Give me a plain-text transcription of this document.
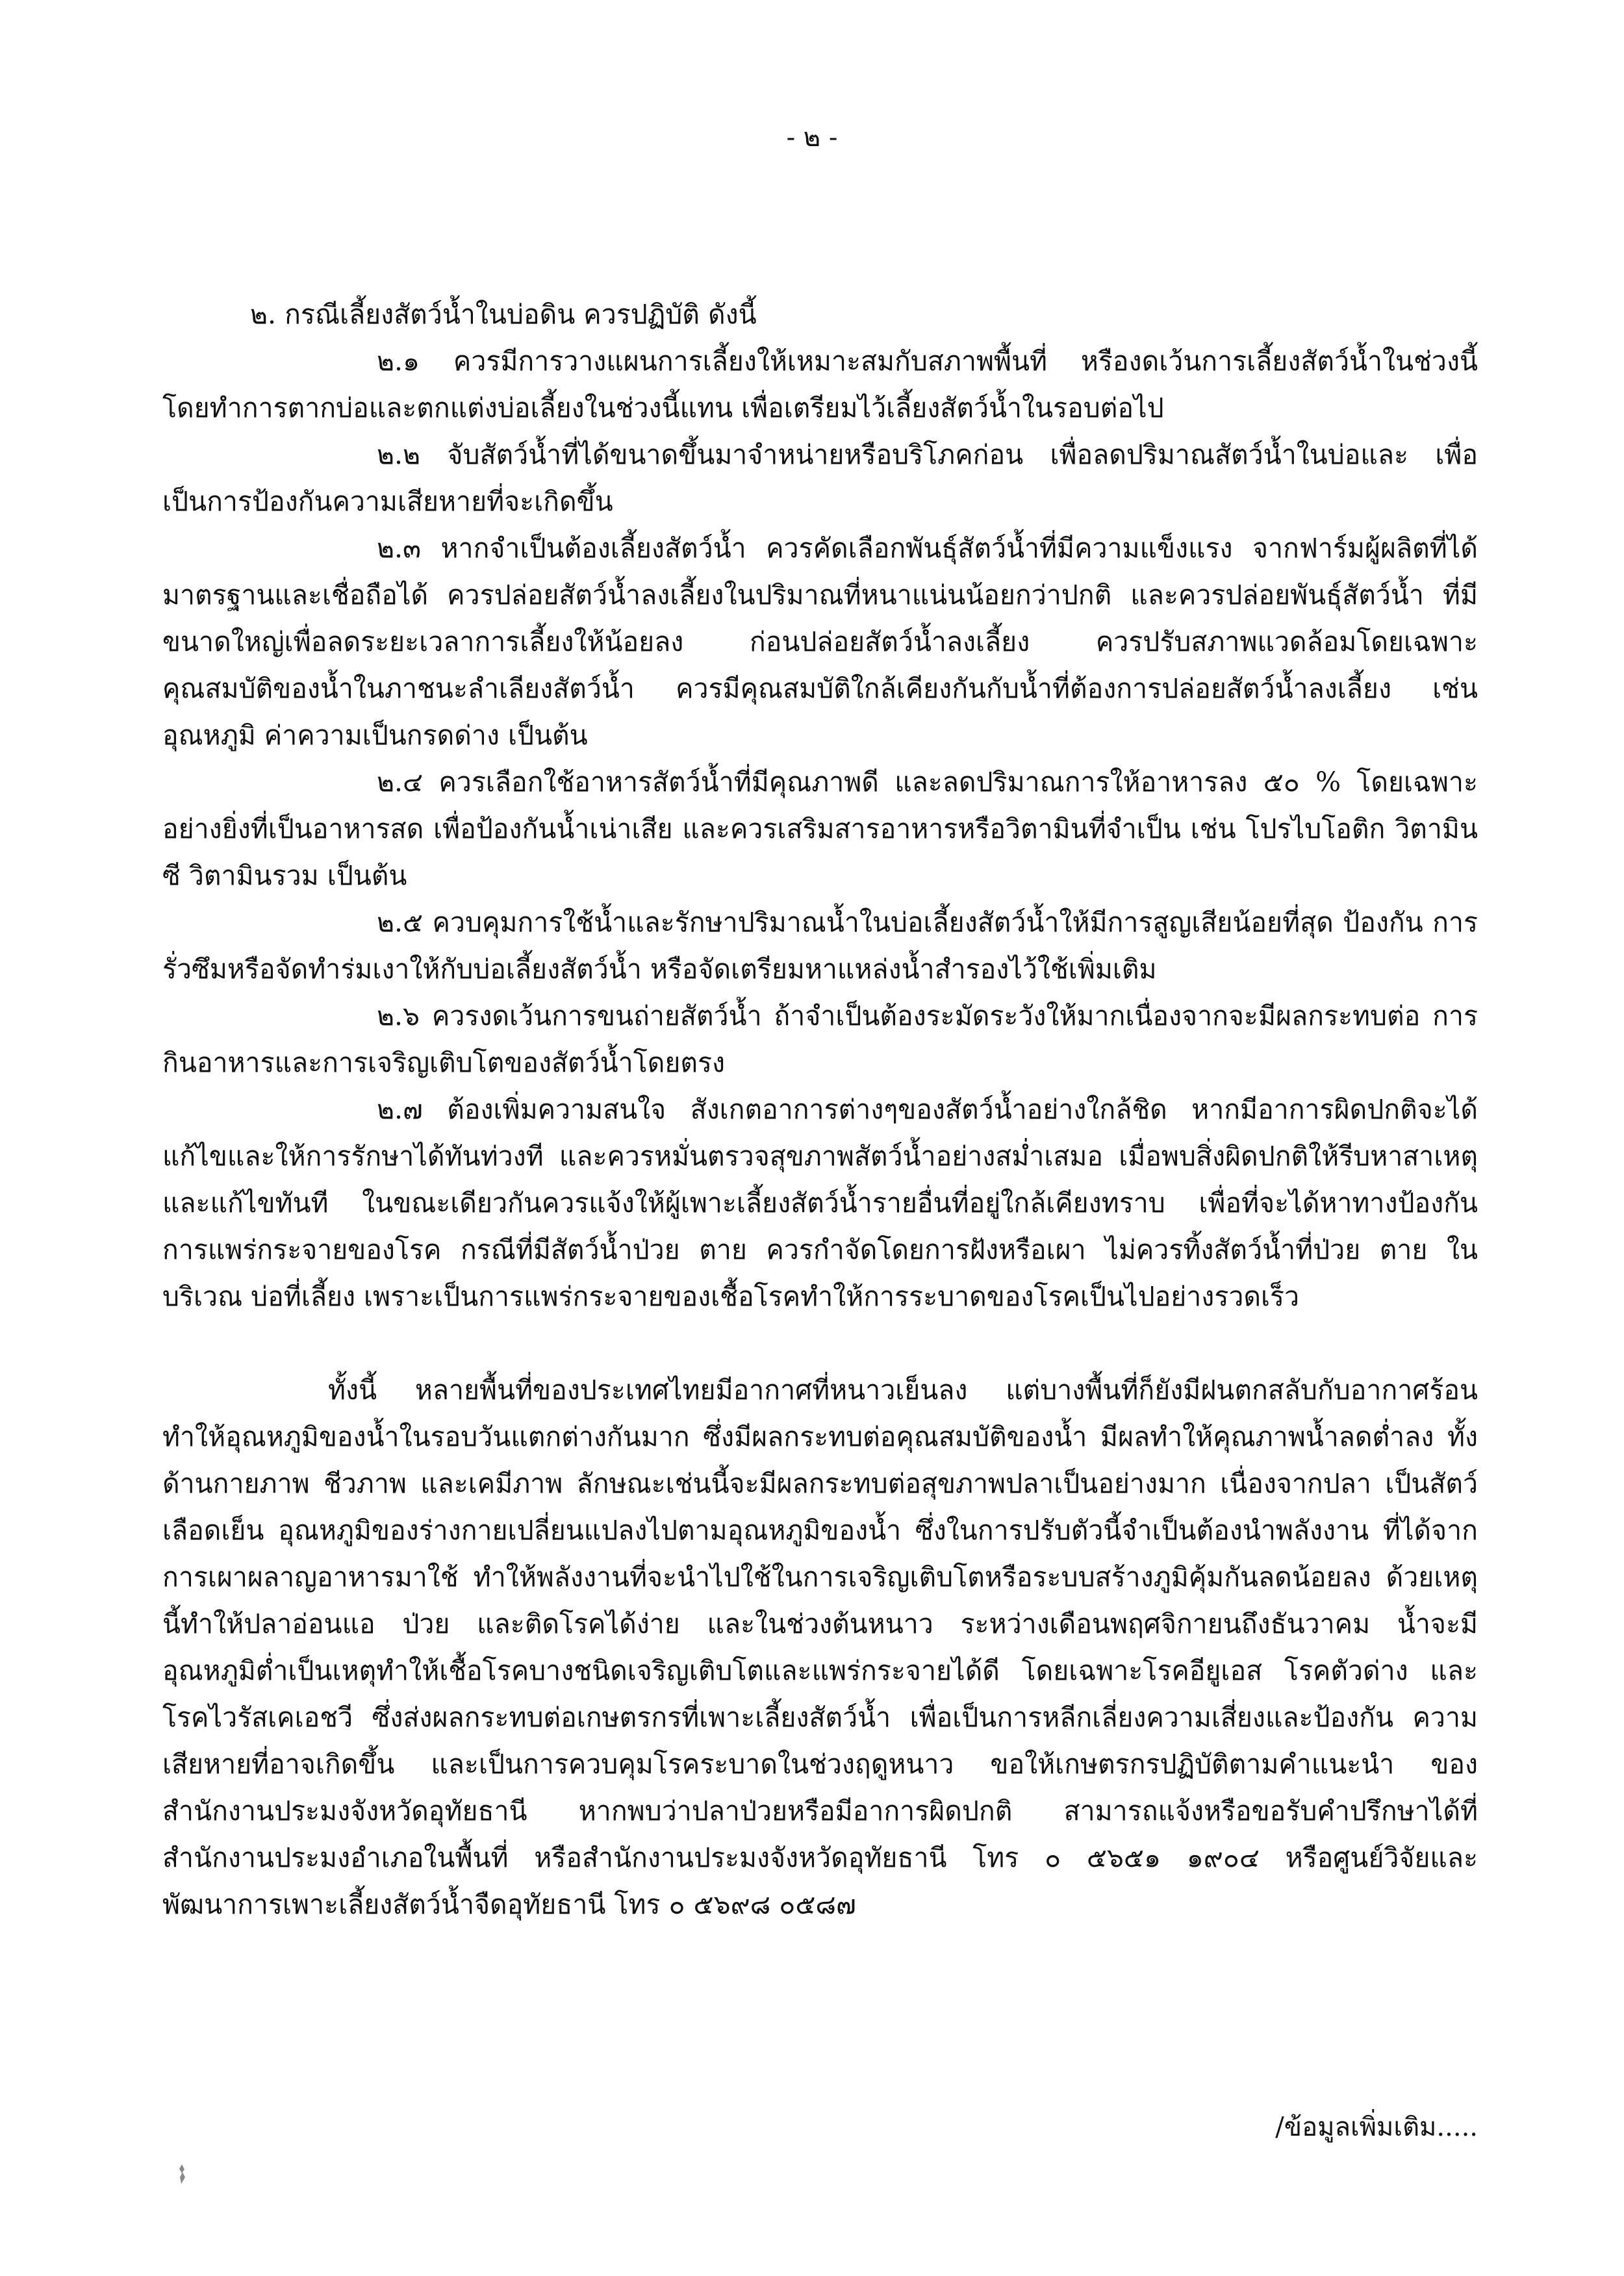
- ๒ -

๒. กรณีเลี้ยงสัตว์น้ำในบ่อดิน ควรปฏิบัติ ดังนี้

๒.๑ ควรมีการวางแผนการเลี้ยงให้เหมาะสมกับสภาพพื้นที่ หรืองดเว้นการเลี้ยงสัตว์น้ำในช่วงนี้ โดยทำการตากบ่อและตกแต่งบ่อเลี้ยงในช่วงนี้แทน เพื่อเตรียมไว้เลี้ยงสัตว์น้ำในรอบต่อไป

๒.๒ จับสัตว์น้ำที่ได้ขนาดขึ้นมาจำหน่ายหรือบริโภคก่อน เพื่อลดปริมาณสัตว์น้ำในบ่อและ เพื่อเป็นการป้องกันความเสียหายที่จะเกิดขึ้น

๒.๓ หากจำเป็นต้องเลี้ยงสัตว์น้ำ ควรคัดเลือกพันธุ์สัตว์น้ำที่มีความแข็งแรง จากฟาร์มผู้ผลิตที่ได้ มาตรฐานและเชื่อถือได้ ควรปล่อยสัตว์น้ำลงเลี้ยงในปริมาณที่หนาแน่นน้อยกว่าปกติ และควรปล่อยพันธุ์สัตว์น้ำ ที่มีขนาดใหญ่เพื่อลดระยะเวลาการเลี้ยงให้น้อยลง ก่อนปล่อยสัตว์น้ำลงเลี้ยง ควรปรับสภาพแวดล้อมโดยเฉพาะ คุณสมบัติของน้ำในภาชนะลำเลียงสัตว์น้ำ ควรมีคุณสมบัติใกล้เคียงกันกับน้ำที่ต้องการปล่อยสัตว์น้ำลงเลี้ยง เช่น อุณหภูมิ ค่าความเป็นกรดด่าง เป็นต้น

๒.๔ ควรเลือกใช้อาหารสัตว์น้ำที่มีคุณภาพดี และลดปริมาณการให้อาหารลง ๕๐ % โดยเฉพาะ อย่างยิ่งที่เป็นอาหารสด เพื่อป้องกันน้ำเน่าเสีย และควรเสริมสารอาหารหรือวิตามินที่จำเป็น เช่น โปรไบโอติก วิตามินซี วิตามินรวม เป็นต้น

๒.๕ ควบคุมการใช้น้ำและรักษาปริมาณน้ำในบ่อเลี้ยงสัตว์น้ำให้มีการสูญเสียน้อยที่สุด ป้องกัน การรั่วซึมหรือจัดทำร่มเงาให้กับบ่อเลี้ยงสัตว์น้ำ หรือจัดเตรียมหาแหล่งน้ำสำรองไว้ใช้เพิ่มเติม

๒.๖ ควรงดเว้นการขนถ่ายสัตว์น้ำ ถ้าจำเป็นต้องระมัดระวังให้มากเนื่องจากจะมีผลกระทบต่อ การกินอาหารและการเจริญเติบโตของสัตว์น้ำโดยตรง

๒.๗ ต้องเพิ่มความสนใจ สังเกตอาการต่างๆของสัตว์น้ำอย่างใกล้ชิด หากมีอาการผิดปกติจะได้ แก้ไขและให้การรักษาได้ทันท่วงที และควรหมั่นตรวจสุขภาพสัตว์น้ำอย่างสม่ำเสมอ เมื่อพบสิ่งผิดปกติให้รีบหาสาเหตุ และแก้ไขทันที ในขณะเดียวกันควรแจ้งให้ผู้เพาะเลี้ยงสัตว์น้ำรายอื่นที่อยู่ใกล้เคียงทราบ เพื่อที่จะได้หาทางป้องกัน การแพร่กระจายของโรค กรณีที่มีสัตว์น้ำป่วย ตาย ควรกำจัดโดยการฝังหรือเผา ไม่ควรทิ้งสัตว์น้ำที่ป่วย ตาย ในบริเวณ บ่อที่เลี้ยง เพราะเป็นการแพร่กระจายของเชื้อโรคทำให้การระบาดของโรคเป็นไปอย่างรวดเร็ว

ทั้งนี้ หลายพื้นที่ของประเทศไทยมีอากาศที่หนาวเย็นลง แต่บางพื้นที่ก็ยังมีฝนตกสลับกับอากาศร้อน ทำให้อุณหภูมิของน้ำในรอบวันแตกต่างกันมาก ซึ่งมีผลกระทบต่อคุณสมบัติของน้ำ มีผลทำให้คุณภาพน้ำลดต่ำลง ทั้งด้านกายภาพ ชีวภาพ และเคมีภาพ ลักษณะเช่นนี้จะมีผลกระทบต่อสุขภาพปลาเป็นอย่างมาก เนื่องจากปลา เป็นสัตว์เลือดเย็น อุณหภูมิของร่างกายเปลี่ยนแปลงไปตามอุณหภูมิของน้ำ ซึ่งในการปรับตัวนี้จำเป็นต้องนำพลังงาน ที่ได้จากการเผาผลาญอาหารมาใช้ ทำให้พลังงานที่จะนำไปใช้ในการเจริญเติบโตหรือระบบสร้างภูมิคุ้มกันลดน้อยลง ด้วยเหตุนี้ทำให้ปลาอ่อนแอ ป่วย และติดโรคได้ง่าย และในช่วงต้นหนาว ระหว่างเดือนพฤศจิกายนถึงธันวาคม น้ำจะมี อุณหภูมิต่ำเป็นเหตุทำให้เชื้อโรคบางชนิดเจริญเติบโตและแพร่กระจายได้ดี โดยเฉพาะโรคอียูเอส โรคตัวด่าง และโรคไวรัสเคเอชวี ซึ่งส่งผลกระทบต่อเกษตรกรที่เพาะเลี้ยงสัตว์น้ำ เพื่อเป็นการหลีกเลี่ยงความเสี่ยงและป้องกัน ความเสียหายที่อาจเกิดขึ้น และเป็นการควบคุมโรคระบาดในช่วงฤดูหนาว ขอให้เกษตรกรปฏิบัติตามคำแนะนำ ของสำนักงานประมงจังหวัดอุทัยธานี หากพบว่าปลาป่วยหรือมีอาการผิดปกติ สามารถแจ้งหรือขอรับคำปรึกษาได้ที่ สำนักงานประมงอำเภอในพื้นที่ หรือสำนักงานประมงจังหวัดอุทัยธานี โทร ๐ ๕๖๕๑ ๑๙๐๔ หรือศูนย์วิจัยและ พัฒนาการเพาะเลี้ยงสัตว์น้ำจืดอุทัยธานี โทร ๐ ๕๖๙๘ ๐๕๘๗

/ข้อมูลเพิ่มเติม.....
